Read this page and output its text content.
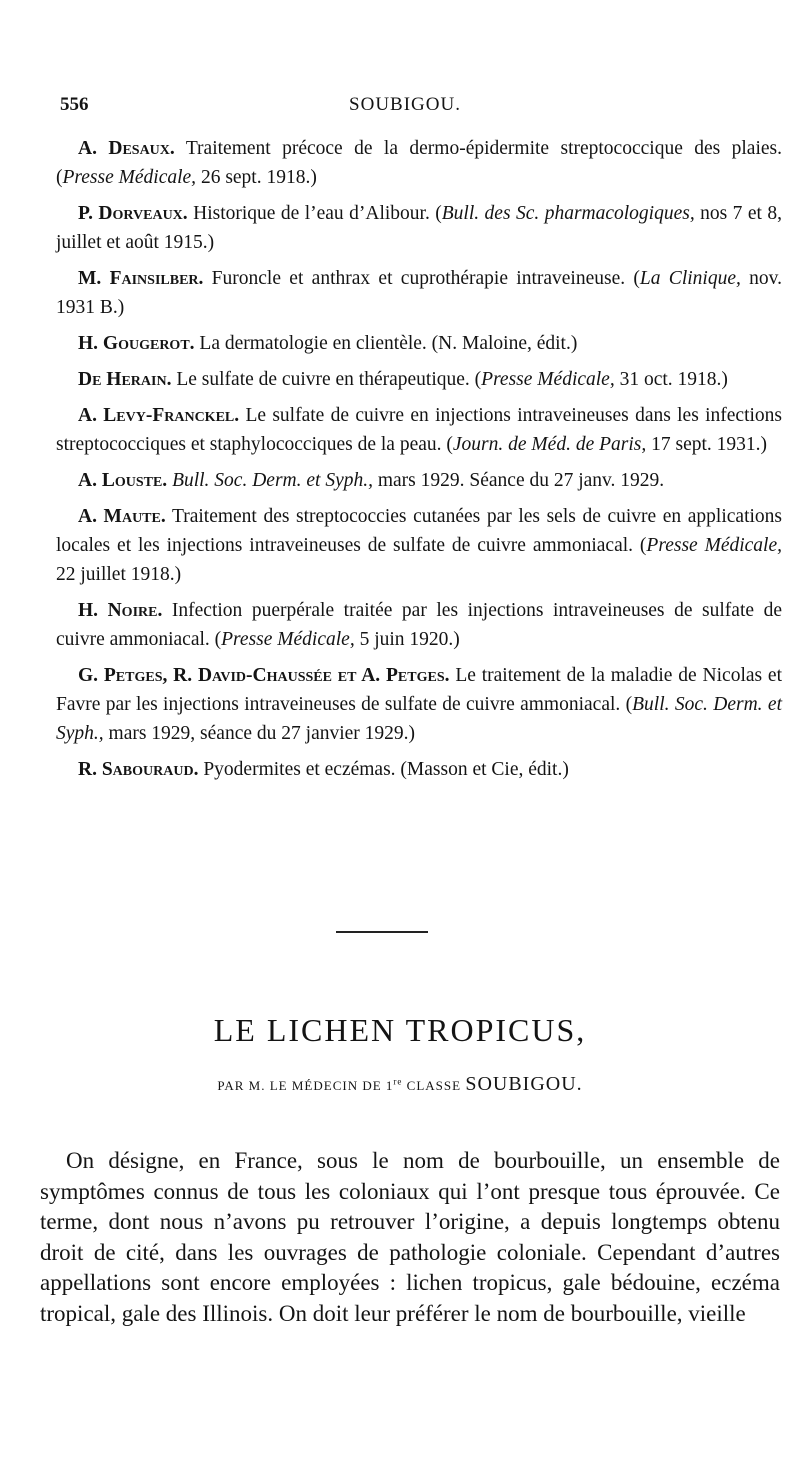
556	SOUBIGOU.

A. Desaux. Traitement précoce de la dermo-épidermite streptococcique des plaies. (Presse Médicale, 26 sept. 1918.)

P. Dorveaux. Historique de l’eau d’Alibour. (Bull. des Sc. pharmacologiques, nos 7 et 8, juillet et août 1915.)

M. Fainsilber. Furoncle et anthrax et cuprothérapie intraveineuse. (La Clinique, nov. 1931 B.)

H. Gougerot. La dermatologie en clientèle. (N. Maloine, édit.)

De Herain. Le sulfate de cuivre en thérapeutique. (Presse Médicale, 31 oct. 1918.)

A. Levy-Franckel. Le sulfate de cuivre en injections intraveineuses dans les infections streptococciques et staphylococciques de la peau. (Journ. de Méd. de Paris, 17 sept. 1931.)

A. Louste. Bull. Soc. Derm. et Syph., mars 1929. Séance du 27 janv. 1929.

A. Maute. Traitement des streptococcies cutanées par les sels de cuivre en applications locales et les injections intraveineuses de sulfate de cuivre ammoniacal. (Presse Médicale, 22 juillet 1918.)

H. Noire. Infection puerpérale traitée par les injections intraveineuses de sulfate de cuivre ammoniacal. (Presse Médicale, 5 juin 1920.)

G. Petges, R. David-Chaussée et A. Petges. Le traitement de la maladie de Nicolas et Favre par les injections intraveineuses de sulfate de cuivre ammoniacal. (Bull. Soc. Derm. et Syph., mars 1929, séance du 27 janvier 1929.)

R. Sabouraud. Pyodermites et eczémas. (Masson et Cie, édit.)

LE LICHEN TROPICUS,
PAR M. LE MÉDECIN DE 1re CLASSE SOUBIGOU.

On désigne, en France, sous le nom de bourbouille, un ensemble de symptômes connus de tous les coloniaux qui l’ont presque tous éprouvée. Ce terme, dont nous n’avons pu retrouver l’origine, a depuis longtemps obtenu droit de cité, dans les ouvrages de pathologie coloniale. Cependant d’autres appellations sont encore employées : lichen tropicus, gale bédouine, eczéma tropical, gale des Illinois. On doit leur préférer le nom de bourbouille, vieille
